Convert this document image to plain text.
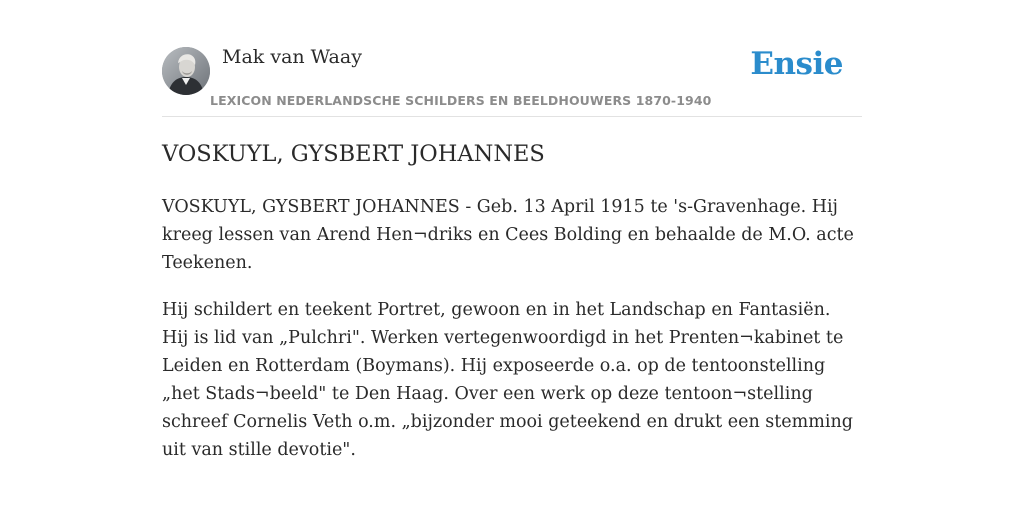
Mak van Waay
LEXICON NEDERLANDSCHE SCHILDERS EN BEELDHOUWERS 1870-1940
Ensie
VOSKUYL, GYSBERT JOHANNES

VOSKUYL, GYSBERT JOHANNES - Geb. 13 April 1915 te 's-Gravenhage. Hij kreeg lessen van Arend Hen¬driks en Cees Bolding en behaalde de M.O. acte Teekenen.

Hij schildert en teekent Portret, gewoon en in het Landschap en Fantasiën. Hij is lid van „Pulchri". Werken vertegenwoordigd in het Prenten¬kabinet te Leiden en Rotterdam (Boymans). Hij exposeerde o.a. op de tentoonstelling „het Stads¬beeld" te Den Haag. Over een werk op deze tentoon¬stelling schreef Cornelis Veth o.m. „bijzonder mooi geteekend en drukt een stemming uit van stille devotie".
